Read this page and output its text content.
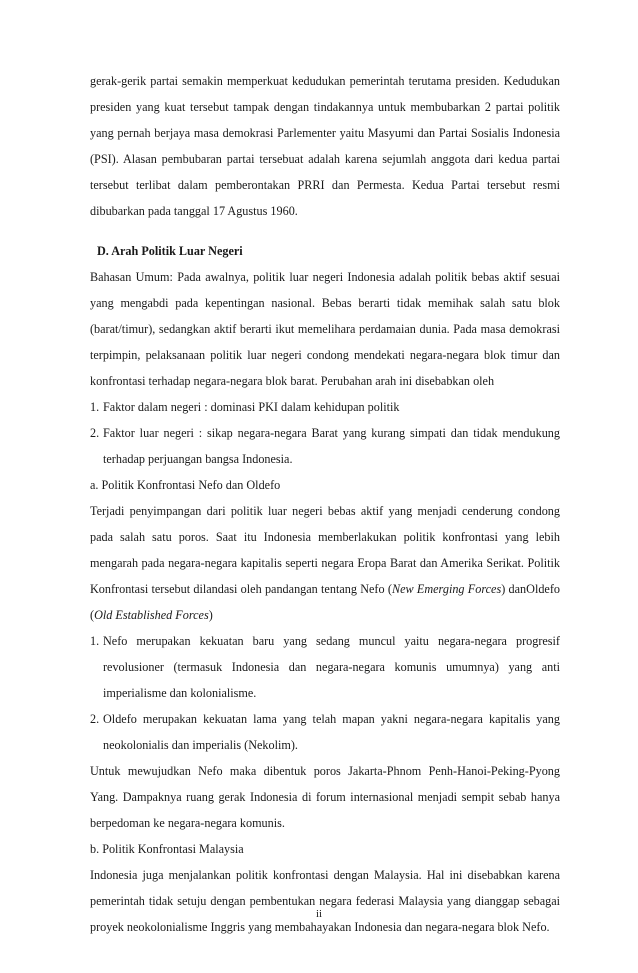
gerak-gerik partai semakin memperkuat kedudukan pemerintah terutama presiden. Kedudukan presiden yang kuat tersebut tampak dengan tindakannya untuk membubarkan 2 partai politik yang pernah berjaya masa demokrasi Parlementer yaitu Masyumi dan Partai Sosialis Indonesia (PSI). Alasan pembubaran partai tersebuat adalah karena sejumlah anggota dari kedua partai tersebut terlibat dalam pemberontakan PRRI dan Permesta. Kedua Partai tersebut resmi dibubarkan pada tanggal 17 Agustus 1960.

D. Arah Politik Luar Negeri

Bahasan Umum: Pada awalnya, politik luar negeri Indonesia adalah politik bebas aktif sesuai yang mengabdi pada kepentingan nasional. Bebas berarti tidak memihak salah satu blok (barat/timur), sedangkan aktif berarti ikut memelihara perdamaian dunia. Pada masa demokrasi terpimpin, pelaksanaan politik luar negeri condong mendekati negara-negara blok timur dan konfrontasi terhadap negara-negara blok barat. Perubahan arah ini disebabkan oleh

1. Faktor dalam negeri : dominasi PKI dalam kehidupan politik
2. Faktor luar negeri : sikap negara-negara Barat yang kurang simpati dan tidak mendukung terhadap perjuangan bangsa Indonesia.

a. Politik Konfrontasi Nefo dan Oldefo

Terjadi penyimpangan dari politik luar negeri bebas aktif yang menjadi cenderung condong pada salah satu poros. Saat itu Indonesia memberlakukan politik konfrontasi yang lebih mengarah pada negara-negara kapitalis seperti negara Eropa Barat dan Amerika Serikat. Politik Konfrontasi tersebut dilandasi oleh pandangan tentang Nefo (New Emerging Forces) danOldefo (Old Established Forces)

1. Nefo merupakan kekuatan baru yang sedang muncul yaitu negara-negara progresif revolusioner (termasuk Indonesia dan negara-negara komunis umumnya) yang anti imperialisme dan kolonialisme.
2. Oldefo merupakan kekuatan lama yang telah mapan yakni negara-negara kapitalis yang neokolonialis dan imperialis (Nekolim).

Untuk mewujudkan Nefo maka dibentuk poros Jakarta-Phnom Penh-Hanoi-Peking-Pyong Yang. Dampaknya ruang gerak Indonesia di forum internasional menjadi sempit sebab hanya berpedoman ke negara-negara komunis.

b. Politik Konfrontasi Malaysia

Indonesia juga menjalankan politik konfrontasi dengan Malaysia. Hal ini disebabkan karena pemerintah tidak setuju dengan pembentukan negara federasi Malaysia yang dianggap sebagai proyek neokolonialisme Inggris yang membahayakan Indonesia dan negara-negara blok Nefo.

ii
